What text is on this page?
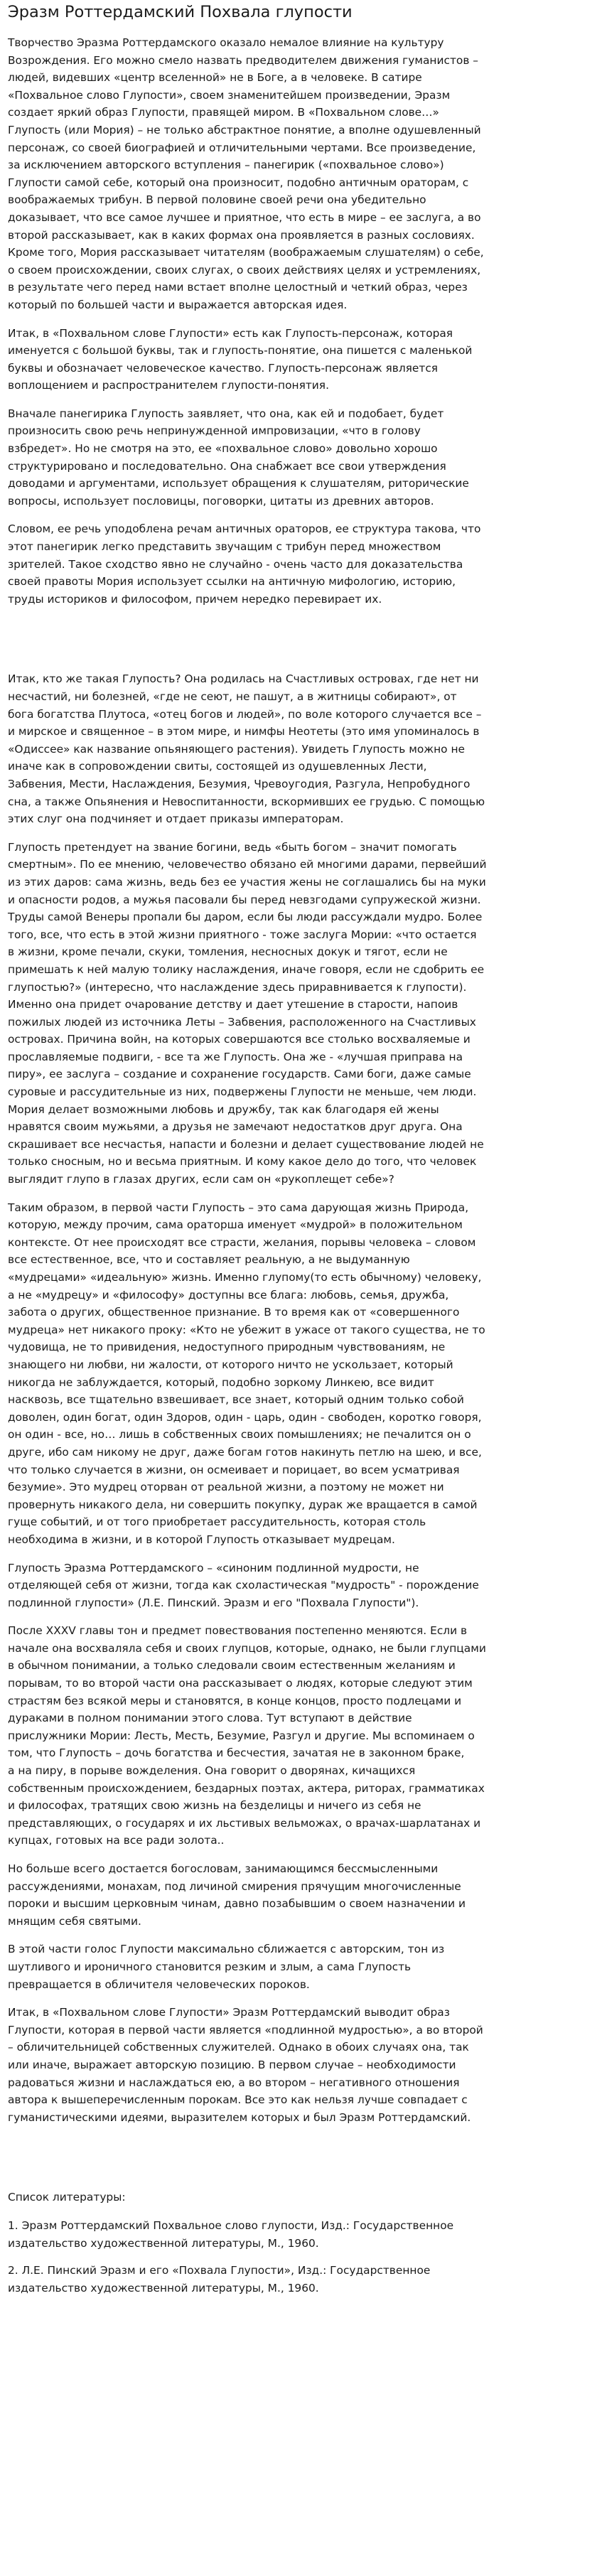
Эразм Роттердамский Похвала глупости

Творчество Эразма Роттердамского оказало немалое влияние на культуру
Возрождения. Его можно смело назвать предводителем движения гуманистов –
людей, видевших «центр вселенной» не в Боге, а в человеке. В сатире
«Похвальное слово Глупости», своем знаменитейшем произведении, Эразм
создает яркий образ Глупости, правящей миром. В «Похвальном слове…»
Глупость (или Мория) – не только абстрактное понятие, а вполне одушевленный
персонаж, со своей биографией и отличительными чертами. Все произведение,
за исключением авторского вступления – панегирик («похвальное слово»)
Глупости самой себе, который она произносит, подобно античным ораторам, с
воображаемых трибун. В первой половине своей речи она убедительно
доказывает, что все самое лучшее и приятное, что есть в мире – ее заслуга, а во
второй рассказывает, как в каких формах она проявляется в разных сословиях.
Кроме того, Мория рассказывает читателям (воображаемым слушателям) о себе,
о своем происхождении, своих слугах, о своих действиях целях и устремлениях,
в результате чего перед нами встает вполне целостный и четкий образ, через
который по большей части и выражается авторская идея.

Итак, в «Похвальном слове Глупости» есть как Глупость-персонаж, которая
именуется с большой буквы, так и глупость-понятие, она пишется с маленькой
буквы и обозначает человеческое качество. Глупость-персонаж является
воплощением и распространителем глупости-понятия.

Вначале панегирика Глупость заявляет, что она, как ей и подобает, будет
произносить свою речь непринужденной импровизации, «что в голову
взбредет». Но не смотря на это, ее «похвальное слово» довольно хорошо
структурировано и последовательно. Она снабжает все свои утверждения
доводами и аргументами, использует обращения к слушателям, риторические
вопросы, использует пословицы, поговорки, цитаты из древних авторов.

Словом, ее речь уподоблена речам античных ораторов, ее структура такова, что
этот панегирик легко представить звучащим с трибун перед множеством
зрителей. Такое сходство явно не случайно - очень часто для доказательства
своей правоты Мория использует ссылки на античную мифологию, историю,
труды историков и философом, причем нередко перевирает их.

Итак, кто же такая Глупость? Она родилась на Счастливых островах, где нет ни
несчастий, ни болезней, «где не сеют, не пашут, а в житницы собирают», от
бога богатства Плутоса, «отец богов и людей», по воле которого случается все –
и мирское и священное – в этом мире, и нимфы Неотеты (это имя упоминалось в
«Одиссее» как название опьяняющего растения). Увидеть Глупость можно не
иначе как в сопровождении свиты, состоящей из одушевленных Лести,
Забвения, Мести, Наслаждения, Безумия, Чревоугодия, Разгула, Непробудного
сна, а также Опьянения и Невоспитанности, вскормивших ее грудью. С помощью
этих слуг она подчиняет и отдает приказы императорам.

Глупость претендует на звание богини, ведь «быть богом – значит помогать
смертным». По ее мнению, человечество обязано ей многими дарами, первейший
из этих даров: сама жизнь, ведь без ее участия жены не соглашались бы на муки
и опасности родов, а мужья пасовали бы перед невзгодами супружеской жизни.
Труды самой Венеры пропали бы даром, если бы люди рассуждали мудро. Более
того, все, что есть в этой жизни приятного - тоже заслуга Мории: «что остается
в жизни, кроме печали, скуки, томления, несносных докук и тягот, если не
примешать к ней малую толику наслаждения, иначе говоря, если не сдобрить ее
глупостью?» (интересно, что наслаждение здесь приравнивается к глупости).
Именно она придет очарование детству и дает утешение в старости, напоив
пожилых людей из источника Леты – Забвения, расположенного на Счастливых
островах. Причина войн, на которых совершаются все столько восхваляемые и
прославляемые подвиги, - все та же Глупость. Она же - «лучшая приправа на
пиру», ее заслуга – создание и сохранение государств. Сами боги, даже самые
суровые и рассудительные из них, подвержены Глупости не меньше, чем люди.
Мория делает возможными любовь и дружбу, так как благодаря ей жены
нравятся своим мужьями, а друзья не замечают недостатков друг друга. Она
скрашивает все несчастья, напасти и болезни и делает существование людей не
только сносным, но и весьма приятным. И кому какое дело до того, что человек
выглядит глупо в глазах других, если сам он «рукоплещет себе»?

Таким образом, в первой части Глупость – это сама дарующая жизнь Природа,
которую, между прочим, сама ораторша именует «мудрой» в положительном
контексте. От нее происходят все страсти, желания, порывы человека – словом
все естественное, все, что и составляет реальную, а не выдуманную
«мудрецами» «идеальную» жизнь. Именно глупому(то есть обычному) человеку,
а не «мудрецу» и «философу» доступны все блага: любовь, семья, дружба,
забота о других, общественное признание. В то время как от «совершенного
мудреца» нет никакого проку: «Кто не убежит в ужасе от такого существа, не то
чудовища, не то привидения, недоступного природным чувствованиям, не
знающего ни любви, ни жалости, от которого ничто не ускользает, который
никогда не заблуждается, который, подобно зоркому Линкею, все видит
насквозь, все тщательно взвешивает, все знает, который одним только собой
доволен, один богат, один Здоров, один - царь, один - свободен, коротко говоря,
он один - все, но… лишь в собственных своих помышлениях; не печалится он о
друге, ибо сам никому не друг, даже богам готов накинуть петлю на шею, и все,
что только случается в жизни, он осмеивает и порицает, во всем усматривая
безумие». Это мудрец оторван от реальной жизни, а поэтому не может ни
провернуть никакого дела, ни совершить покупку, дурак же вращается в самой
гуще событий, и от того приобретает рассудительность, которая столь
необходима в жизни, и в которой Глупость отказывает мудрецам.

Глупость Эразма Роттердамского – «синоним подлинной мудрости, не
отделяющей себя от жизни, тогда как схоластическая "мудрость" - порождение
подлинной глупости» (Л.Е. Пинский. Эразм и его "Похвала Глупости").

После XXXV главы тон и предмет повествования постепенно меняются. Если в
начале она восхваляла себя и своих глупцов, которые, однако, не были глупцами
в обычном понимании, а только следовали своим естественным желаниям и
порывам, то во второй части она рассказывает о людях, которые следуют этим
страстям без всякой меры и становятся, в конце концов, просто подлецами и
дураками в полном понимании этого слова. Тут вступают в действие
прислужники Мории: Лесть, Месть, Безумие, Разгул и другие. Мы вспоминаем о
том, что Глупость – дочь богатства и бесчестия, зачатая не в законном браке,
а на пиру, в порыве вожделения. Она говорит о дворянах, кичащихся
собственным происхождением, бездарных поэтах, актера, риторах, грамматиках
и философах, тратящих свою жизнь на безделицы и ничего из себя не
представляющих, о государях и их льстивых вельможах, о врачах-шарлатанах и
купцах, готовых на все ради золота..

Но больше всего достается богословам, занимающимся бессмысленными
рассуждениями, монахам, под личиной смирения прячущим многочисленные
пороки и высшим церковным чинам, давно позабывшим о своем назначении и
мнящим себя святыми.

В этой части голос Глупости максимально сближается с авторским, тон из
шутливого и ироничного становится резким и злым, а сама Глупость
превращается в обличителя человеческих пороков.

Итак, в «Похвальном слове Глупости» Эразм Роттердамский выводит образ
Глупости, которая в первой части является «подлинной мудростью», а во второй
– обличительницей собственных служителей. Однако в обоих случаях она, так
или иначе, выражает авторскую позицию. В первом случае – необходимости
радоваться жизни и наслаждаться ею, а во втором – негативного отношения
автора к вышеперечисленным порокам. Все это как нельзя лучше совпадает с
гуманистическими идеями, выразителем которых и был Эразм Роттердамский.

Список литературы:

1. Эразм Роттердамский Похвальное слово глупости, Изд.: Государственное
издательство художественной литературы, М., 1960.

2. Л.Е. Пинский Эразм и его «Похвала Глупости», Изд.: Государственное
издательство художественной литературы, М., 1960.
